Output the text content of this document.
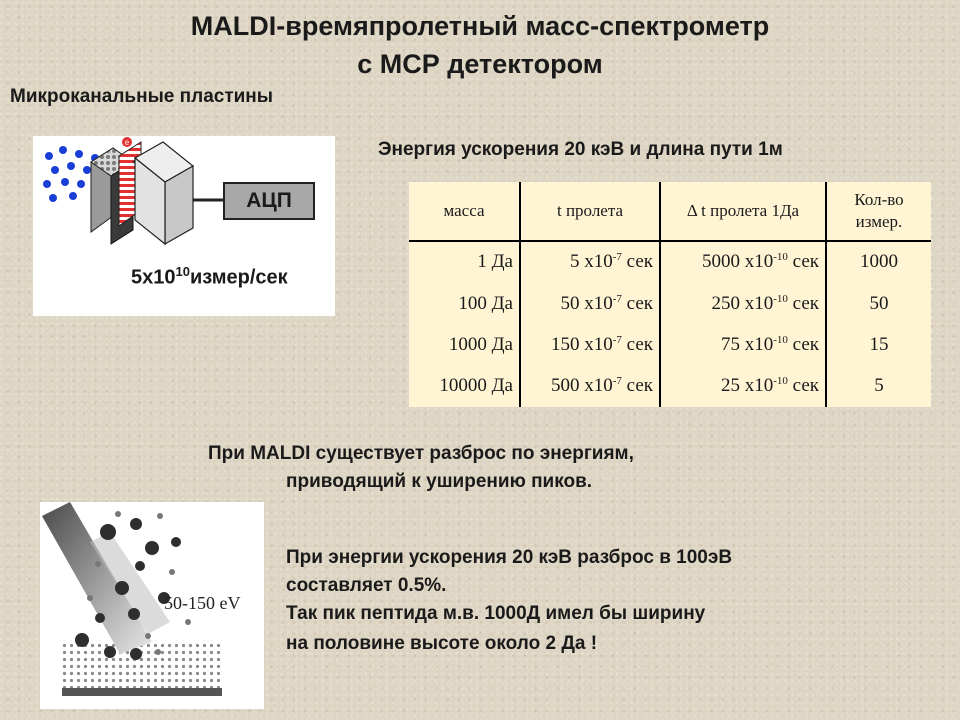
MALDI-времяпролетный масс-спектрометр
с МСР детектором
Микроканальные пластины
e
АЦП
$5x10^{10}измер$/сек
Энергия ускорения 20 кэВ и длина пути 1м
масса	t пролета	Δ t пролета 1Да	Кол-во
измер.

1 Да	5 $x10^{-7}$ сек	5000 $x10^{-10}$ сек	1000
100 Да	50 $x10^{-7}$ сек	250 $x10^{-10}$ сек	50
1000 Да	150 $x10^{-7}$ сек	75 $x10^{-10}$ сек	15
10000 Да	500 $x10^{-7}$ сек	25 $x10^{-10}$ сек	5
При MALDI существует разброс по энергиям,
приводящий к уширению пиков.
50-150 eV
При энергии ускорения 20 кэВ разброс в 100эВ
составляет 0.5%.
Так пик пептида м.в. 1000Д имел бы ширину
на половине высоте около 2 Да !
